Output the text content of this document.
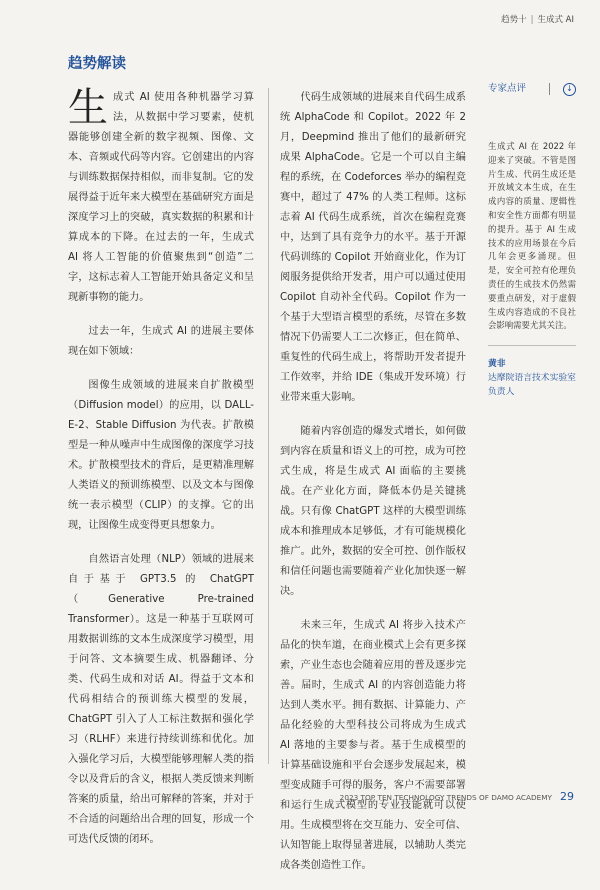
趋势十 | 生成式 AI
趋势解读

生成式 AI 使用各种机器学习算法，从数据中学习要素，使机器能够创建全新的数字视频、图像、文本、音频或代码等内容。它创建出的内容与训练数据保持相似，而非复制。它的发展得益于近年来大模型在基础研究方面是深度学习上的突破，真实数据的积累和计算成本的下降。在过去的一年，生成式 AI 将人工智能的价值聚焦到“创造”二字，这标志着人工智能开始具备定义和呈现新事物的能力。

过去一年，生成式 AI 的进展主要体现在如下领域：

图像生成领域的进展来自扩散模型（Diffusion model）的应用，以 DALL-E-2、Stable Diffusion 为代表。扩散模型是一种从噪声中生成图像的深度学习技术。扩散模型技术的背后，是更精准理解人类语义的预训练模型、以及文本与图像统一表示模型（CLIP）的支撑。它的出现，让图像生成变得更具想象力。

自然语言处理（NLP）领域的进展来自于基于 GPT3.5 的 ChatGPT（Generative Pre-trained Transformer）。这是一种基于互联网可用数据训练的文本生成深度学习模型，用于问答、文本摘要生成、机器翻译、分类、代码生成和对话 AI。得益于文本和代码相结合的预训练大模型的发展，ChatGPT 引入了人工标注数据和强化学习（RLHF）来进行持续训练和优化。加入强化学习后，大模型能够理解人类的指令以及背后的含义，根据人类反馈来判断答案的质量，给出可解释的答案，并对于不合适的问题给出合理的回复，形成一个可迭代反馈的闭环。

代码生成领域的进展来自代码生成系统 AlphaCode 和 Copilot。2022 年 2 月，Deepmind 推出了他们的最新研究成果 AlphaCode。它是一个可以自主编程的系统，在 Codeforces 举办的编程竞赛中，超过了 47% 的人类工程师。这标志着 AI 代码生成系统，首次在编程竞赛中，达到了具有竞争力的水平。基于开源代码训练的 Copilot 开始商业化，作为订阅服务提供给开发者，用户可以通过使用 Copilot 自动补全代码。Copilot 作为一个基于大型语言模型的系统，尽管在多数情况下仍需要人工二次修正，但在简单、重复性的代码生成上，将帮助开发者提升工作效率，并给 IDE（集成开发环境）行业带来重大影响。

随着内容创造的爆发式增长，如何做到内容在质量和语义上的可控，成为可控式生成，将是生成式 AI 面临的主要挑战。在产业化方面，降低本仍是关键挑战。只有像 ChatGPT 这样的大模型训练成本和推理成本足够低，才有可能规模化推广。此外，数据的安全可控、创作版权和信任问题也需要随着产业化加快逐一解决。

未来三年，生成式 AI 将步入技术产品化的快车道，在商业模式上会有更多探索，产业生态也会随着应用的普及逐步完善。届时，生成式 AI 的内容创造能力将达到人类水平。拥有数据、计算能力、产品化经验的大型科技公司将成为生成式 AI 落地的主要参与者。基于生成模型的计算基础设施和平台会逐步发展起来，模型变成随手可得的服务，客户不需要部署和运行生成式模型的专业技能就可以使用。生成模型将在交互能力、安全可信、认知智能上取得显著进展，以辅助人类完成各类创造性工作。

专家点评	↓

生成式 AI 在 2022 年迎来了突破。不管是图片生成、代码生成还是开放域文本生成，在生成内容的质量、逻辑性和安全性方面都有明显的提升。基于 AI 生成技术的应用场景在今后几年会更多涌现。但是，安全可控有伦理负责任的生成技术仍然需要重点研发，对于虚假生成内容造成的不良社会影响需要尤其关注。

黄非
达摩院语言技术实验室负责人
2023 TOP TEN TECHNOLOGY TRENDS OF DAMO ACADEMY 29
